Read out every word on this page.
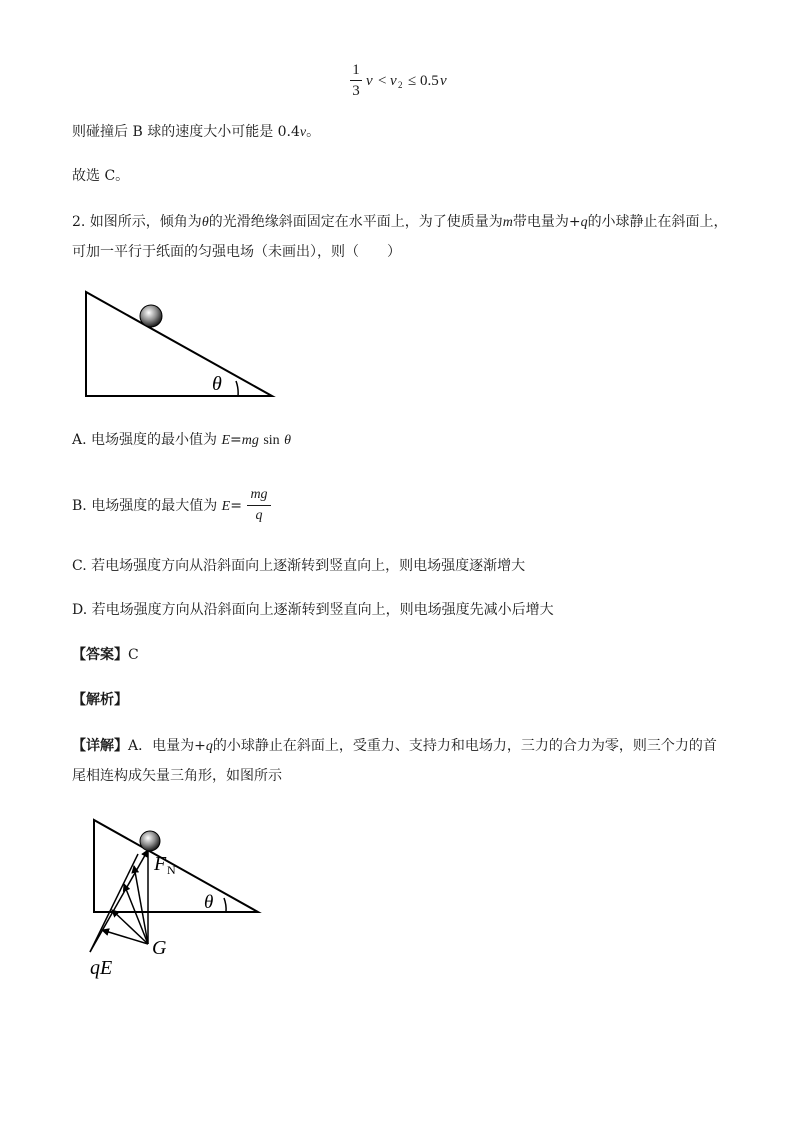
1
3
v < v 2 ≤ 0.5 v
则碰撞后 B 球的速度大小可能是 0.4v。
故选 C。
2. 如图所示，倾角为θ的光滑绝缘斜面固定在水平面上，为了使质量为m带电量为+q的小球静止在斜面上，
可加一平行于纸面的匀强电场（未画出），则（　　）
θ
A. 电场强度的最小值为 E=mg sin θ
B. 电场强度的最大值为 E=
mg
q
C. 若电场强度方向从沿斜面向上逐渐转到竖直向上，则电场强度逐渐增大
D. 若电场强度方向从沿斜面向上逐渐转到竖直向上，则电场强度先减小后增大
【答案】C
【解析】
【详解】A．电量为+q的小球静止在斜面上，受重力、支持力和电场力，三力的合力为零，则三个力的首
尾相连构成矢量三角形，如图所示
θ
F N
G
qE
